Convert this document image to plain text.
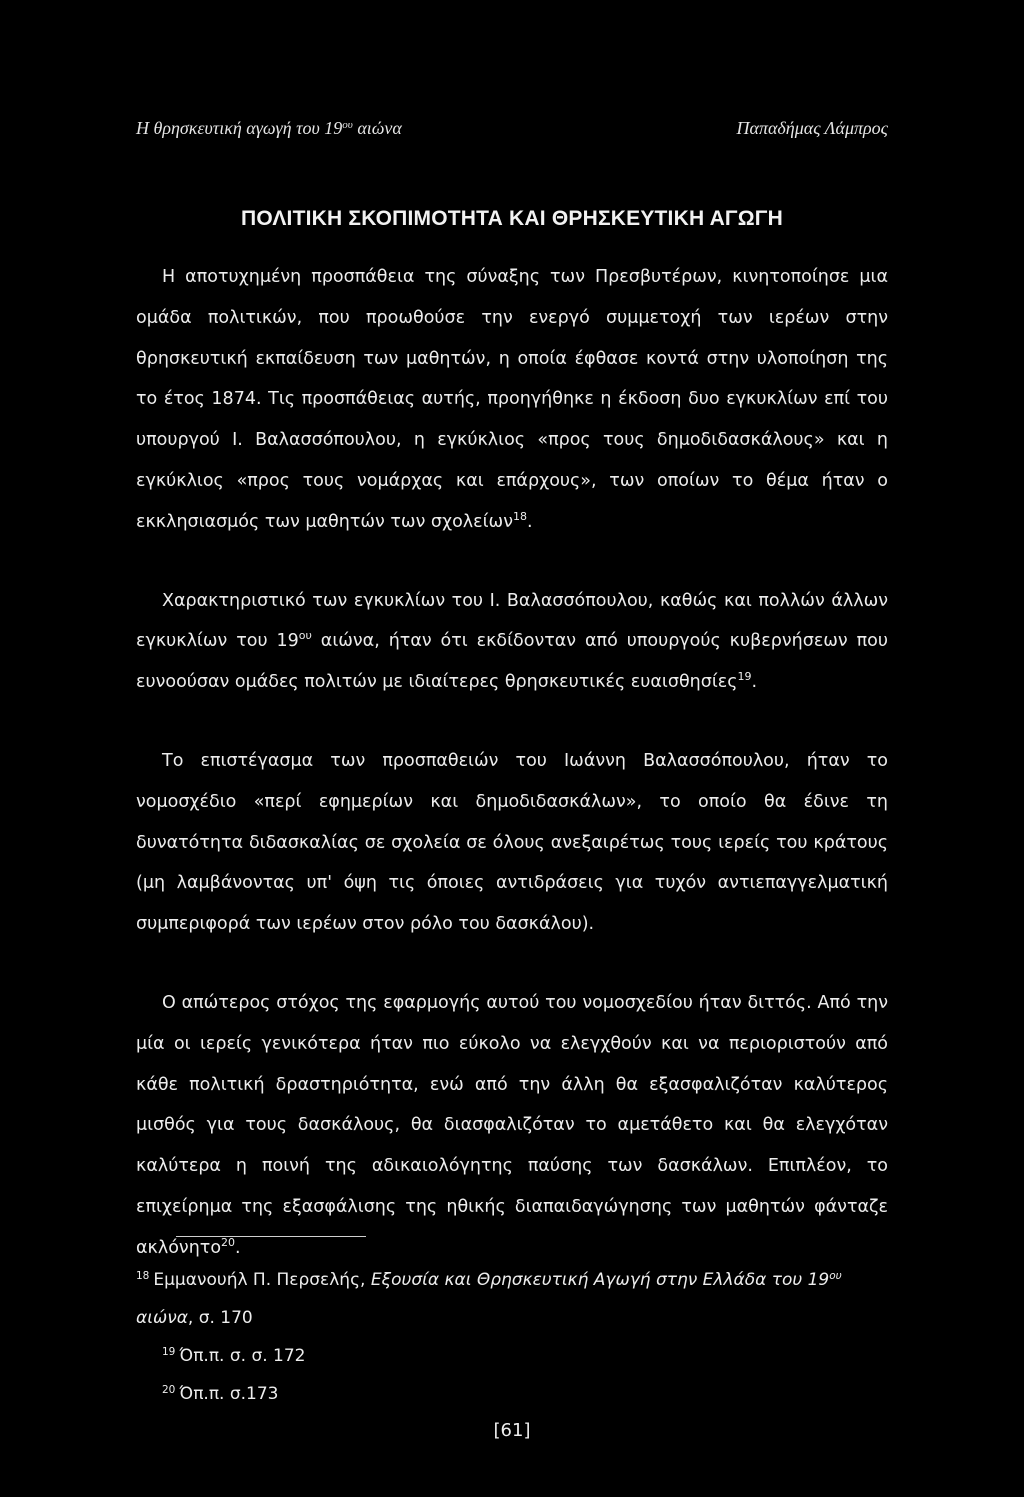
Η θρησκευτική αγωγή του $19^{o\upsilon}$ αιώνα	Παπαδήμας Λάμπρος
ΠΟΛΙΤΙΚΗ ΣΚΟΠΙΜΟΤΗΤΑ ΚΑΙ ΘΡΗΣΚΕΥΤΙΚΗ ΑΓΩΓΗ

Η αποτυχημένη προσπάθεια της σύναξης των Πρεσβυτέρων, κινητοποίησε μια ομάδα πολιτικών, που προωθούσε την ενεργό συμμετοχή των ιερέων στην θρησκευτική εκπαίδευση των μαθητών, η οποία έφθασε κοντά στην υλοποίηση της το έτος 1874. Τις προσπάθειας αυτής, προηγήθηκε η έκδοση δυο εγκυκλίων επί του υπουργού Ι. Βαλασσόπουλου, η εγκύκλιος «προς τους δημοδιδασκάλους» και η εγκύκλιος «προς τους νομάρχας και επάρχους», των οποίων το θέμα ήταν ο εκκλησιασμός των μαθητών των σχολείων$^{18}$.

Χαρακτηριστικό των εγκυκλίων του Ι. Βαλασσόπουλου, καθώς και πολλών άλλων εγκυκλίων του $19^{o\upsilon}$ αιώνα, ήταν ότι εκδίδονταν από υπουργούς κυβερνήσεων που ευνοούσαν ομάδες πολιτών με ιδιαίτερες θρησκευτικές ευαισθησίες$^{19}$.

Το επιστέγασμα των προσπαθειών του Ιωάννη Βαλασσόπουλου, ήταν το νομοσχέδιο «περί εφημερίων και δημοδιδασκάλων», το οποίο θα έδινε τη δυνατότητα διδασκαλίας σε σχολεία σε όλους ανεξαιρέτως τους ιερείς του κράτους (μη λαμβάνοντας υπ' όψη τις όποιες αντιδράσεις για τυχόν αντιεπαγγελματική συμπεριφορά των ιερέων στον ρόλο του δασκάλου).

Ο απώτερος στόχος της εφαρμογής αυτού του νομοσχεδίου ήταν διττός. Από την μία οι ιερείς γενικότερα ήταν πιο εύκολο να ελεγχθούν και να περιοριστούν από κάθε πολιτική δραστηριότητα, ενώ από την άλλη θα εξασφαλιζόταν καλύτερος μισθός για τους δασκάλους, θα διασφαλιζόταν το αμετάθετο και θα ελεγχόταν καλύτερα η ποινή της αδικαιολόγητης παύσης των δασκάλων. Επιπλέον, το επιχείρημα της εξασφάλισης της ηθικής διαπαιδαγώγησης των μαθητών φάνταζε ακλόνητο$^{20}$.

$^{18}$ Εμμανουήλ Π. Περσελής, Εξουσία και Θρησκευτική Αγωγή στην Ελλάδα του $19^{o\upsilon}$ αιώνα, σ. 170
$^{19}$ Όπ.π. σ. σ. 172
$^{20}$ Όπ.π. σ.173
[61]
